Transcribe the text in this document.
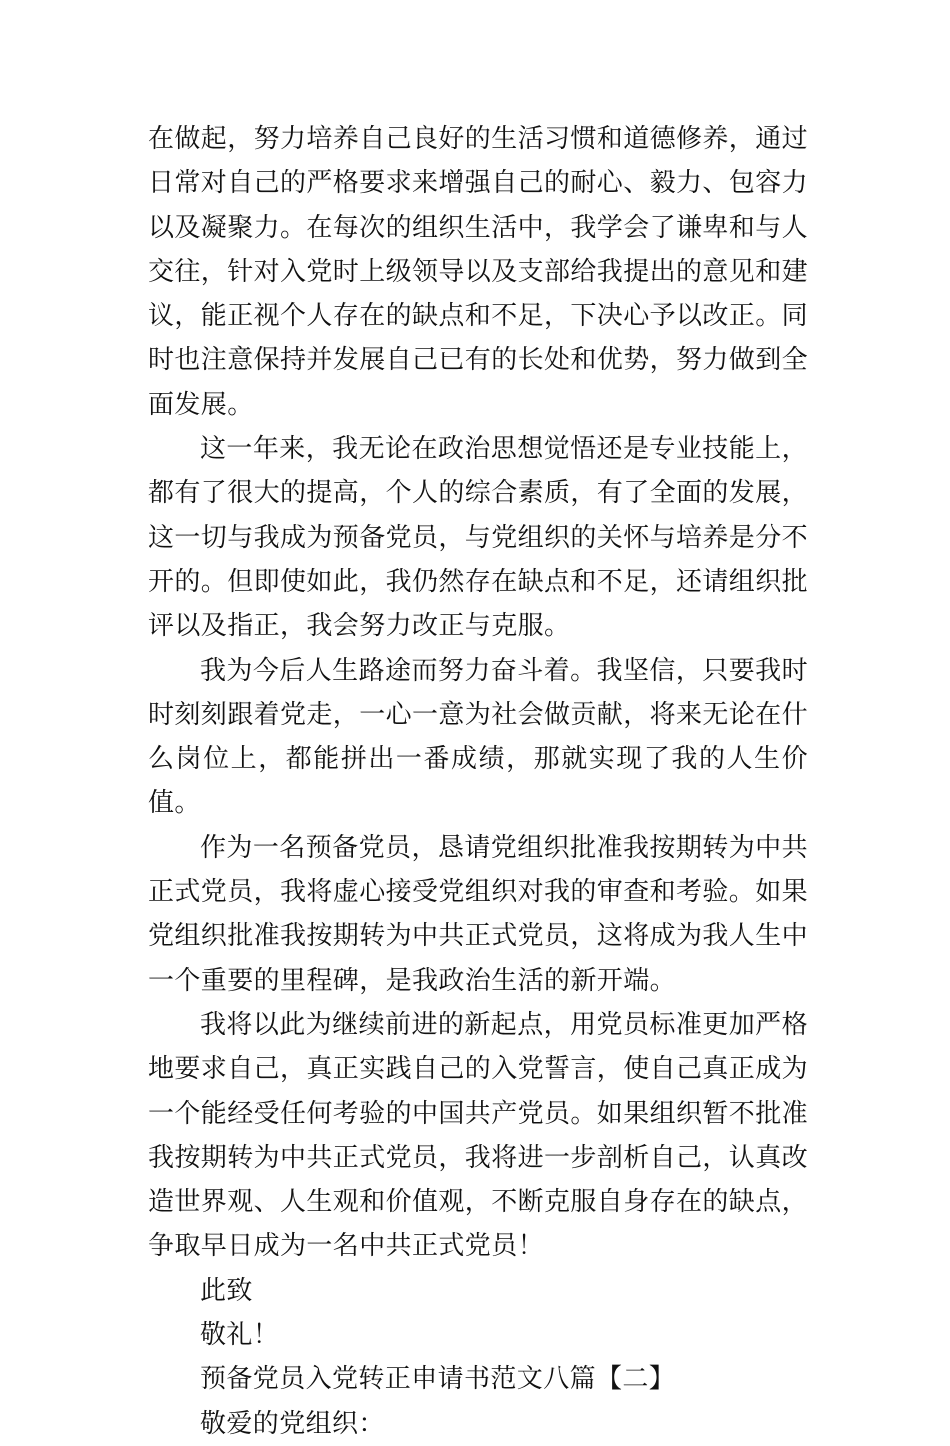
在做起，努力培养自己良好的生活习惯和道德修养，通过日常对自己的严格要求来增强自己的耐心、毅力、包容力以及凝聚力。在每次的组织生活中，我学会了谦卑和与人交往，针对入党时上级领导以及支部给我提出的意见和建议，能正视个人存在的缺点和不足，下决心予以改正。同时也注意保持并发展自己已有的长处和优势，努力做到全面发展。

这一年来，我无论在政治思想觉悟还是专业技能上，都有了很大的提高，个人的综合素质，有了全面的发展，这一切与我成为预备党员，与党组织的关怀与培养是分不开的。但即使如此，我仍然存在缺点和不足，还请组织批评以及指正，我会努力改正与克服。

我为今后人生路途而努力奋斗着。我坚信，只要我时时刻刻跟着党走，一心一意为社会做贡献，将来无论在什么岗位上，都能拼出一番成绩，那就实现了我的人生价值。

作为一名预备党员，恳请党组织批准我按期转为中共正式党员，我将虚心接受党组织对我的审查和考验。如果党组织批准我按期转为中共正式党员，这将成为我人生中一个重要的里程碑，是我政治生活的新开端。

我将以此为继续前进的新起点，用党员标准更加严格地要求自己，真正实践自己的入党誓言，使自己真正成为一个能经受任何考验的中国共产党员。如果组织暂不批准我按期转为中共正式党员，我将进一步剖析自己，认真改造世界观、人生观和价值观，不断克服自身存在的缺点，争取早日成为一名中共正式党员！

此致

敬礼！

预备党员入党转正申请书范文八篇【二】

敬爱的党组织：
